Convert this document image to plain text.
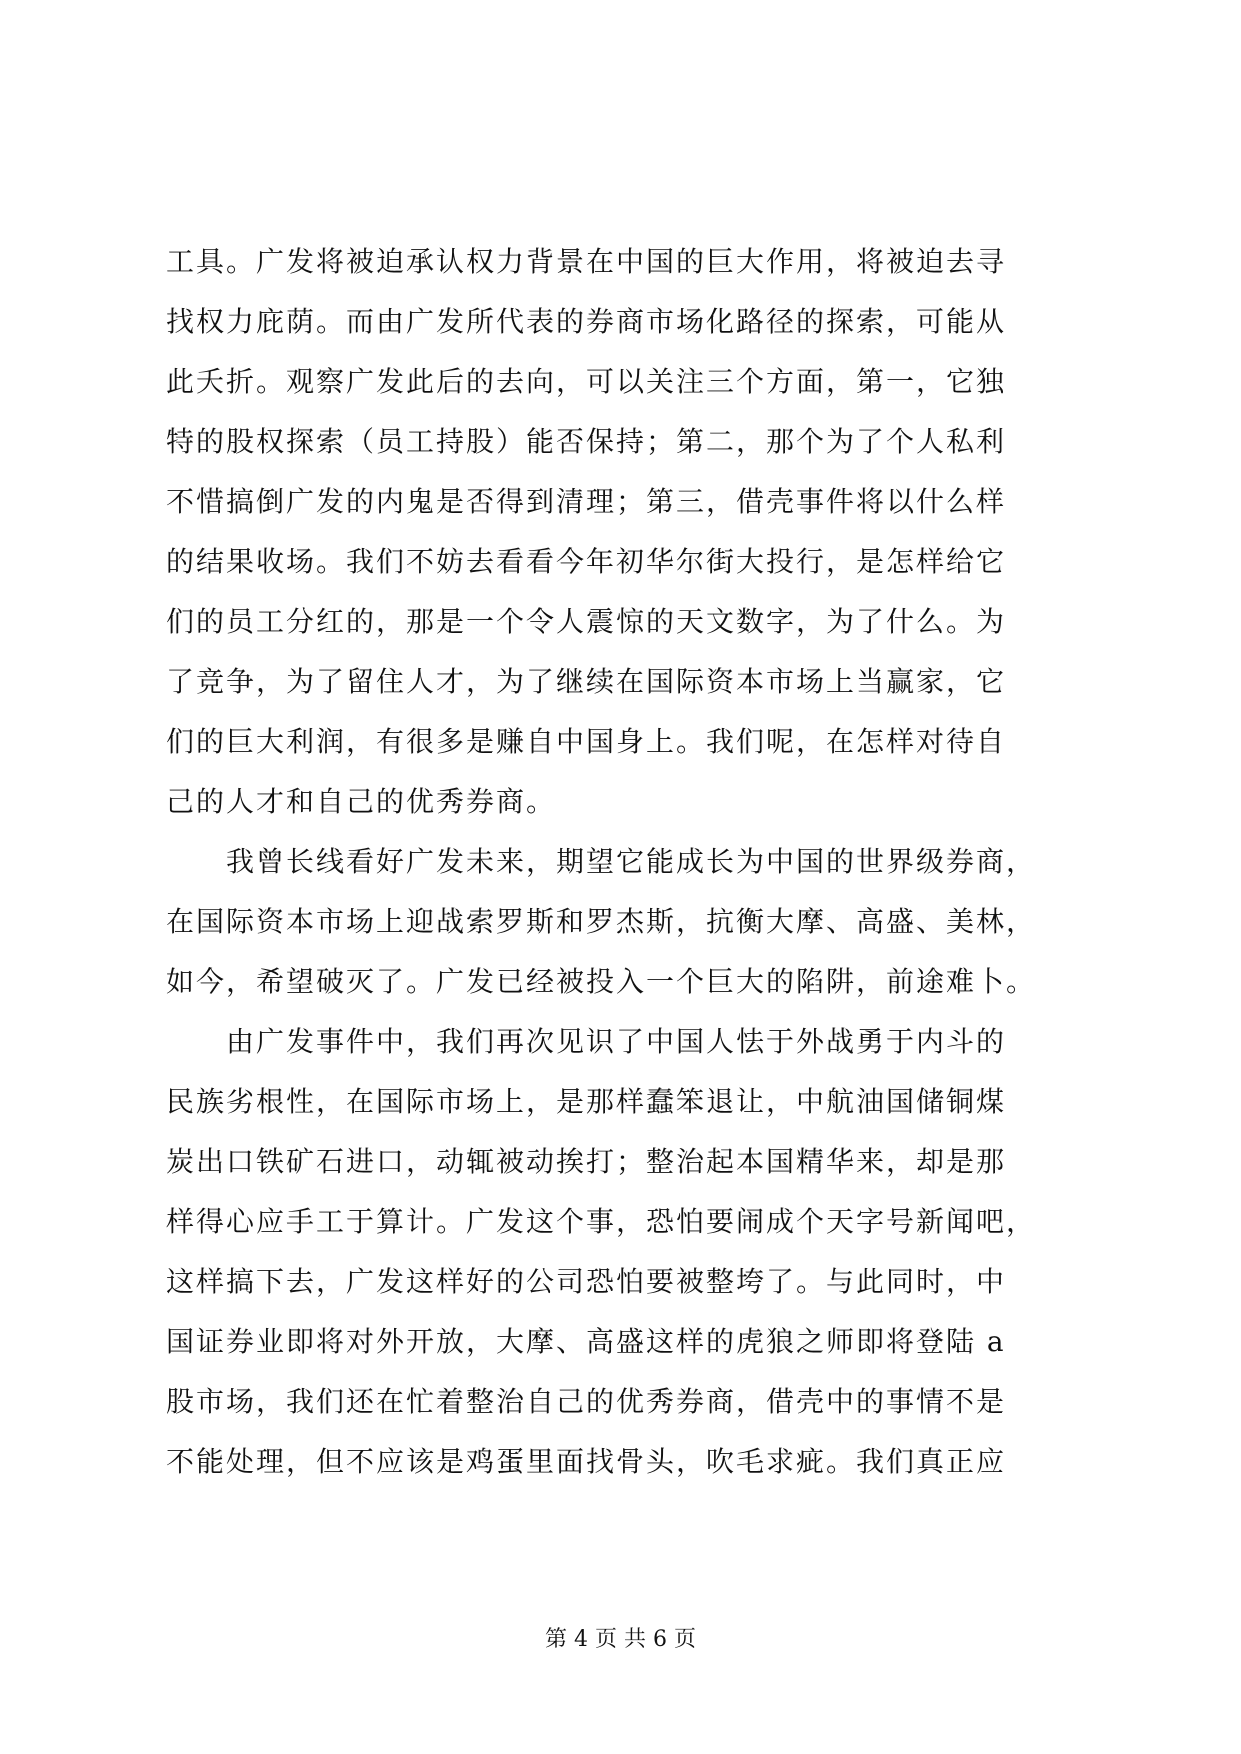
工具。广发将被迫承认权力背景在中国的巨大作用，将被迫去寻
找权力庇荫。而由广发所代表的券商市场化路径的探索，可能从
此夭折。观察广发此后的去向，可以关注三个方面，第一，它独
特的股权探索（员工持股）能否保持；第二，那个为了个人私利
不惜搞倒广发的内鬼是否得到清理；第三，借壳事件将以什么样
的结果收场。我们不妨去看看今年初华尔街大投行，是怎样给它
们的员工分红的，那是一个令人震惊的天文数字，为了什么。为
了竞争，为了留住人才，为了继续在国际资本市场上当赢家，它
们的巨大利润，有很多是赚自中国身上。我们呢，在怎样对待自
己的人才和自己的优秀券商。
　　我曾长线看好广发未来，期望它能成长为中国的世界级券商，
在国际资本市场上迎战索罗斯和罗杰斯，抗衡大摩、高盛、美林，
如今，希望破灭了。广发已经被投入一个巨大的陷阱，前途难卜。
　　由广发事件中，我们再次见识了中国人怯于外战勇于内斗的
民族劣根性，在国际市场上，是那样蠢笨退让，中航油国储铜煤
炭出口铁矿石进口，动辄被动挨打；整治起本国精华来，却是那
样得心应手工于算计。广发这个事，恐怕要闹成个天字号新闻吧，
这样搞下去，广发这样好的公司恐怕要被整垮了。与此同时，中
国证券业即将对外开放，大摩、高盛这样的虎狼之师即将登陆 a
股市场，我们还在忙着整治自己的优秀券商，借壳中的事情不是
不能处理，但不应该是鸡蛋里面找骨头，吹毛求疵。我们真正应
第 4 页 共 6 页
